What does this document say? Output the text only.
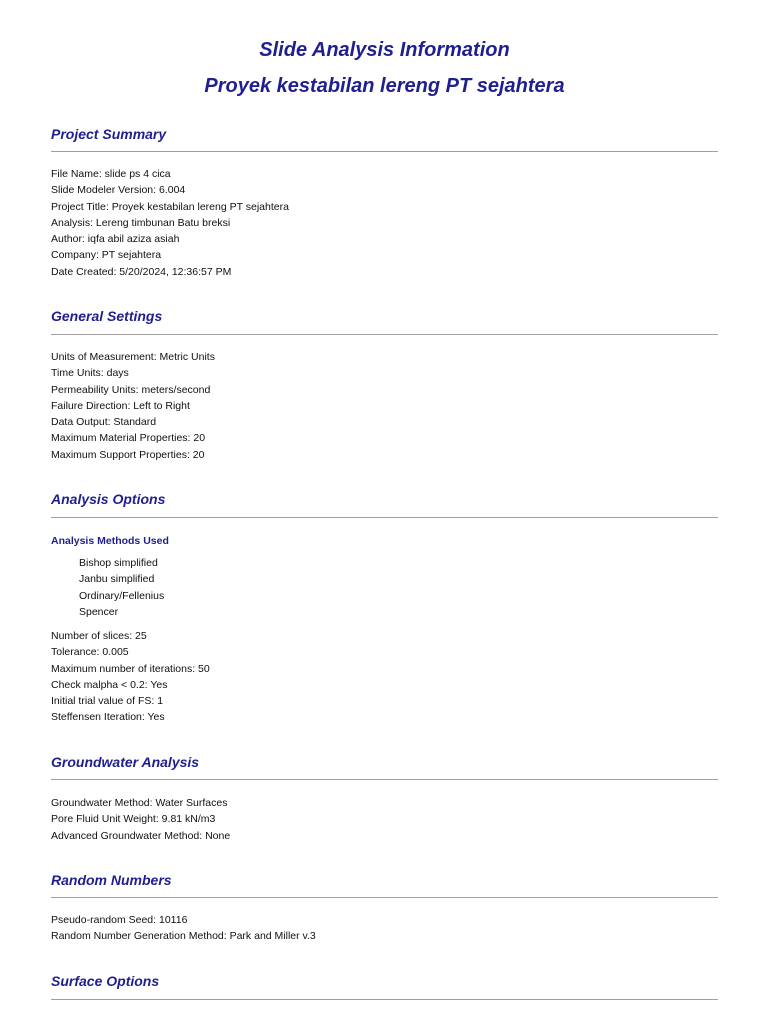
Slide Analysis Information
Proyek kestabilan lereng PT sejahtera
Project Summary
File Name: slide ps 4 cica
Slide Modeler Version: 6.004
Project Title: Proyek kestabilan lereng PT sejahtera
Analysis: Lereng timbunan Batu breksi
Author: iqfa abil aziza asiah
Company: PT sejahtera
Date Created: 5/20/2024, 12:36:57 PM
General Settings
Units of Measurement: Metric Units
Time Units: days
Permeability Units: meters/second
Failure Direction: Left to Right
Data Output: Standard
Maximum Material Properties: 20
Maximum Support Properties: 20
Analysis Options
Analysis Methods Used
Bishop simplified
Janbu simplified
Ordinary/Fellenius
Spencer
Number of slices: 25
Tolerance: 0.005
Maximum number of iterations: 50
Check malpha < 0.2: Yes
Initial trial value of FS: 1
Steffensen Iteration: Yes
Groundwater Analysis
Groundwater Method: Water Surfaces
Pore Fluid Unit Weight: 9.81 kN/m3
Advanced Groundwater Method: None
Random Numbers
Pseudo-random Seed: 10116
Random Number Generation Method: Park and Miller v.3
Surface Options
